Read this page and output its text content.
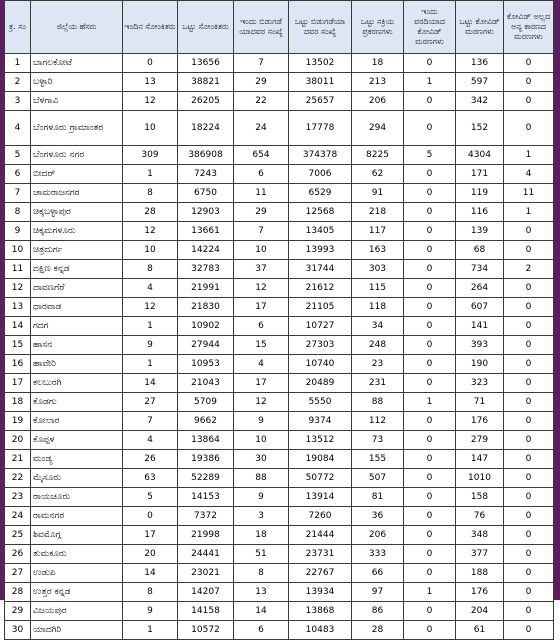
ಕ್ರ. ಸಂ	ಜಿಲ್ಲೆಯ ಹೆಸರು	ಇಂದಿನ ಸೋಂಕಿತರು	ಒಟ್ಟು ಸೋಂಕಿತರು	ಇಂದು ಬಿಡುಗಡೆ ಯಾದವರ ಸಂಖ್ಯೆ	ಒಟ್ಟು ಬಿಡುಗಡೆಯಾ ದವರ ಸಂಖ್ಯೆ	ಒಟ್ಟು ಸಕ್ರಿಯ ಪ್ರಕರಣಗಳು	ಇಂದು ವರದಿಯಾದ ಕೋವಿಡ್ ಮರಣಗಳು	ಒಟ್ಟು ಕೋವಿಡ್ ಮರಣಗಳು	ಕೋವಿಡ್ ಅಲ್ಲದ ಅನ್ಯ ಕಾರಣದ ಮರಣಗಳು
1	ಬಾಗಲಕೋಟೆ	0	13656	7	13502	18	0	136	0
2	ಬಳ್ಳಾರಿ	13	38821	29	38011	213	1	597	0
3	ಬೆಳಗಾವಿ	12	26205	22	25657	206	0	342	0
4	ಬೆಂಗಳೂರು ಗ್ರಾಮಾಂತರ	10	18224	24	17778	294	0	152	0
5	ಬೆಂಗಳೂರು ನಗರ	309	386908	654	374378	8225	5	4304	1
6	ಬೀದರ್	1	7243	6	7006	62	0	171	4
7	ಚಾಮರಾಜನಗರ	8	6750	11	6529	91	0	119	11
8	ಚಿಕ್ಕಬಳ್ಳಾಪುರ	28	12903	29	12568	218	0	116	1
9	ಚಿಕ್ಕಮಗಳೂರು	12	13661	7	13405	117	0	139	0
10	ಚಿತ್ರದುರ್ಗ	10	14224	10	13993	163	0	68	0
11	ದಕ್ಷಿಣ ಕನ್ನಡ	8	32783	37	31744	303	0	734	2
12	ದಾವಣಗೆರೆ	4	21991	12	21612	115	0	264	0
13	ಧಾರವಾಡ	12	21830	17	21105	118	0	607	0
14	ಗದಗ	1	10902	6	10727	34	0	141	0
15	ಹಾಸನ	9	27944	15	27303	248	0	393	0
16	ಹಾವೇರಿ	1	10953	4	10740	23	0	190	0
17	ಕಲಬುರಗಿ	14	21043	17	20489	231	0	323	0
18	ಕೊಡಗು	27	5709	12	5550	88	1	71	0
19	ಕೋಲಾರ	7	9662	9	9374	112	0	176	0
20	ಕೊಪ್ಪಳ	4	13864	10	13512	73	0	279	0
21	ಮಂಡ್ಯ	26	19386	30	19084	155	0	147	0
22	ಮೈಸೂರು	63	52289	88	50772	507	0	1010	0
23	ರಾಯಚೂರು	5	14153	9	13914	81	0	158	0
24	ರಾಮನಗರ	0	7372	3	7260	36	0	76	0
25	ಶಿವಮೊಗ್ಗ	17	21998	18	21444	206	0	348	0
26	ತುಮಕೂರು	20	24441	51	23731	333	0	377	0
27	ಉಡುಪಿ	14	23021	8	22767	66	0	188	0
28	ಉತ್ತರ ಕನ್ನಡ	8	14207	13	13934	97	1	176	0
29	ವಿಜಯಪುರ	9	14158	14	13868	86	0	204	0
30	ಯಾದಗಿರಿ	1	10572	6	10483	28	0	61	0
